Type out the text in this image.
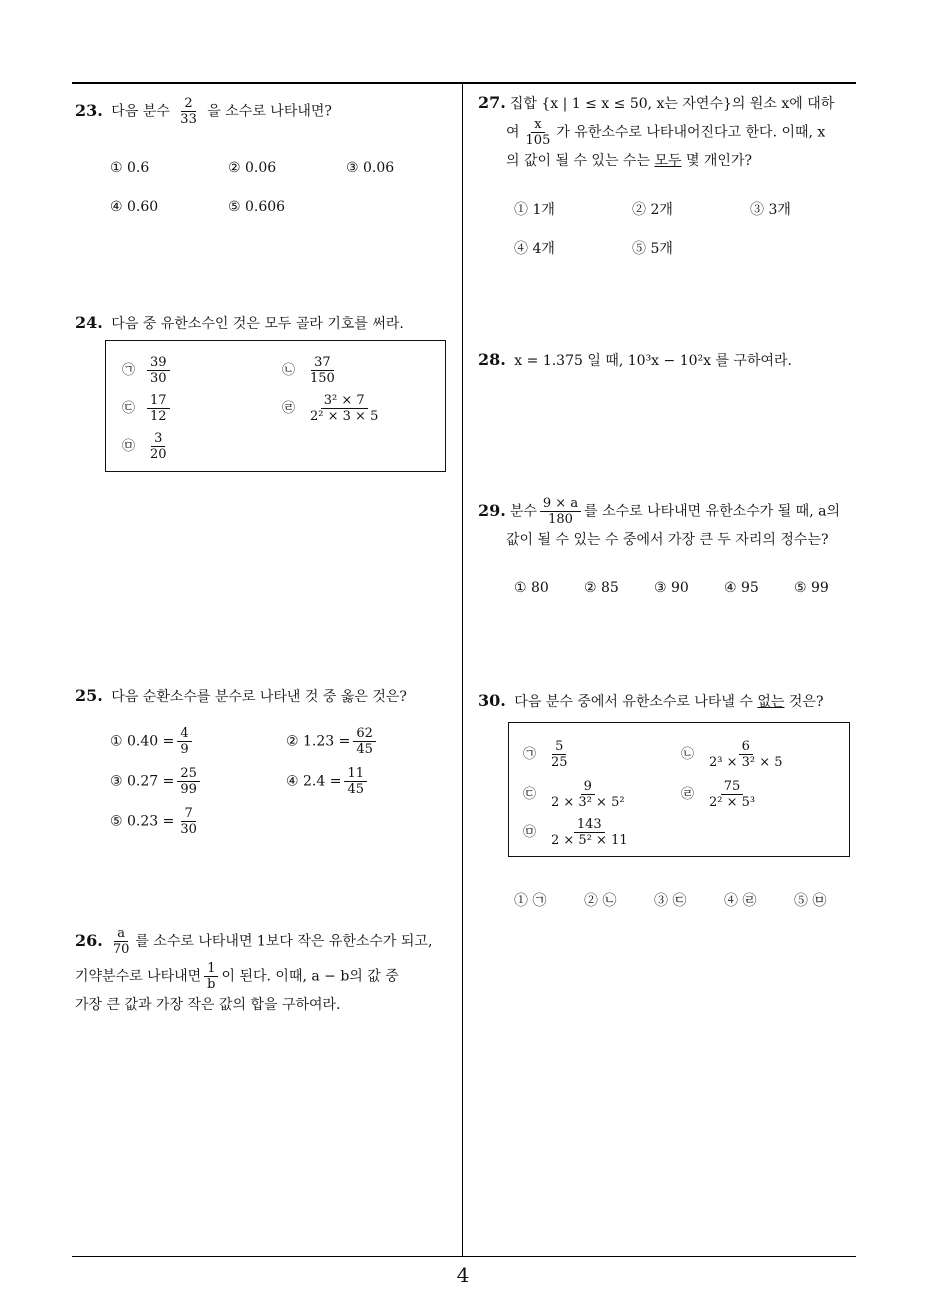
23. 다음 분수 $\frac{2}{33}$ 을 소수로 나타내면?
① 0.6	② 0.06	③ 0.06
④ 0.60	⑤ 0.606
24. 다음 중 유한소수인 것은 모두 골라 기호를 써라.
㉠ $\frac{39}{30}$	㉡ $\frac{37}{150}$
㉢ $\frac{17}{12}$	㉣ $\frac{\text{3² × 7}}{\text{2² × 3 × 5}}$
㉤ $\frac{3}{20}$
25. 다음 순환소수를 분수로 나타낸 것 중 옳은 것은?
① $0.40 = \frac{4}{9}$	② $1.23 = \frac{62}{45}$
③ $0.27 = \frac{25}{99}$	④ $2.4 = \frac{11}{45}$
⑤ $0.23 = \frac{7}{30}$
26. $\frac{a}{70}$ 를 소수로 나타내면 1보다 작은 유한소수가 되고,
기약분수로 나타내면 $\frac{1}{b}$ 이 된다. 이때, a − b의 값 중
가장 큰 값과 가장 작은 값의 합을 구하여라.
27. 집합 {x | 1 ≤ x ≤ 50, x는 자연수}의 원소 x에 대하
여 $\frac{x}{105}$ 가 유한소수로 나타내어진다고 한다. 이때, x
의 값이 될 수 있는 수는 모두 몇 개인가?
① 1개	② 2개	③ 3개
④ 4개	⑤ 5개
28. x = 1.375 일 때, 10³x − 10²x 를 구하여라.
29. 분수 $\frac{9 \times a}{180}$ 를 소수로 나타내면 유한소수가 될 때, a의
값이 될 수 있는 수 중에서 가장 큰 두 자리의 정수는?
① 80	② 85	③ 90	④ 95	⑤ 99
30. 다음 분수 중에서 유한소수로 나타낼 수 없는 것은?
㉠ $\frac{5}{25}$	㉡ $\frac{6}{\text{2³ × 3² × 5}}$
㉢ $\frac{9}{\text{2 × 3² × 5²}}$	㉣ $\frac{75}{\text{2² × 5³}}$
㉤ $\frac{143}{\text{2 × 5² × 11}}$
① ㉠	② ㉡	③ ㉢	④ ㉣	⑤ ㉤
4
